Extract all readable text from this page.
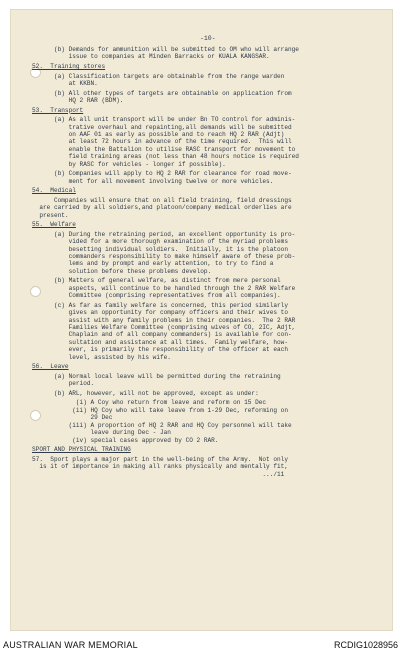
-10-
(b) Demands for ammunition will be submitted to OM who will arrange
issue to companies at Minden Barracks or KUALA KANGSAR.
52.  Training stores
(a) Classification targets are obtainable from the range warden
at KKBN.
(b) All other types of targets are obtainable on application from
HQ 2 RAR (BDM).
53.  Transport
(a) As all unit transport will be under Bn TO control for adminis-
trative overhaul and repainting,all demands will be submitted
on AAF 01 as early as possible and to reach HQ 2 RAR (Adjt)
at least 72 hours in advance of the time required.  This will
enable the Battalion to utilise RASC transport for movement to
field training areas (not less than 48 hours notice is required
by RASC for vehicles - longer if possible).
(b) Companies will apply to HQ 2 RAR for clearance for road move-
ment for all movement involving twelve or more vehicles.
54.  Medical
Companies will ensure that on all field training, field dressings
are carried by all soldiers,and platoon/company medical orderlies are
present.
55.  Welfare
(a) During the retraining period, an excellent opportunity is pro-
vided for a more thorough examination of the myriad problems
besetting individual soldiers.  Initially, it is the platoon
commanders responsibility to make himself aware of these prob-
lems and by prompt and early attention, to try to find a
solution before these problems develop.
(b) Matters of general welfare, as distinct from mere personal
aspects, will continue to be handled through the 2 RAR Welfare
Committee (comprising representatives from all companies).
(c) As far as family welfare is concerned, this period similarly
gives an opportunity for company officers and their wives to
assist with any family problems in their companies.  The 2 RAR
Families Welfare Committee (comprising wives of CO, 2IC, Adjt,
Chaplain and of all company commanders) is available for con-
sultation and assistance at all times.  Family welfare, how-
ever, is primarily the responsibility of the officer at each
level, assisted by his wife.
56.  Leave
(a) Normal local leave will be permitted during the retraining
period.
(b) ARL, however, will not be approved, except as under:
(i) A Coy who return from leave and reform on 15 Dec
(ii) HQ Coy who will take leave from 1-29 Dec, reforming on
29 Dec
(iii) A proportion of HQ 2 RAR and HQ Coy personnel will take
leave during Dec - Jan
(iv) special cases approved by CO 2 RAR.
SPORT AND PHYSICAL TRAINING
57.  Sport plays a major part in the well-being of the Army.  Not only
is it of importance in making all ranks physically and mentally fit,
.../11
AUSTRALIAN WAR MEMORIAL	RCDIG1028956
